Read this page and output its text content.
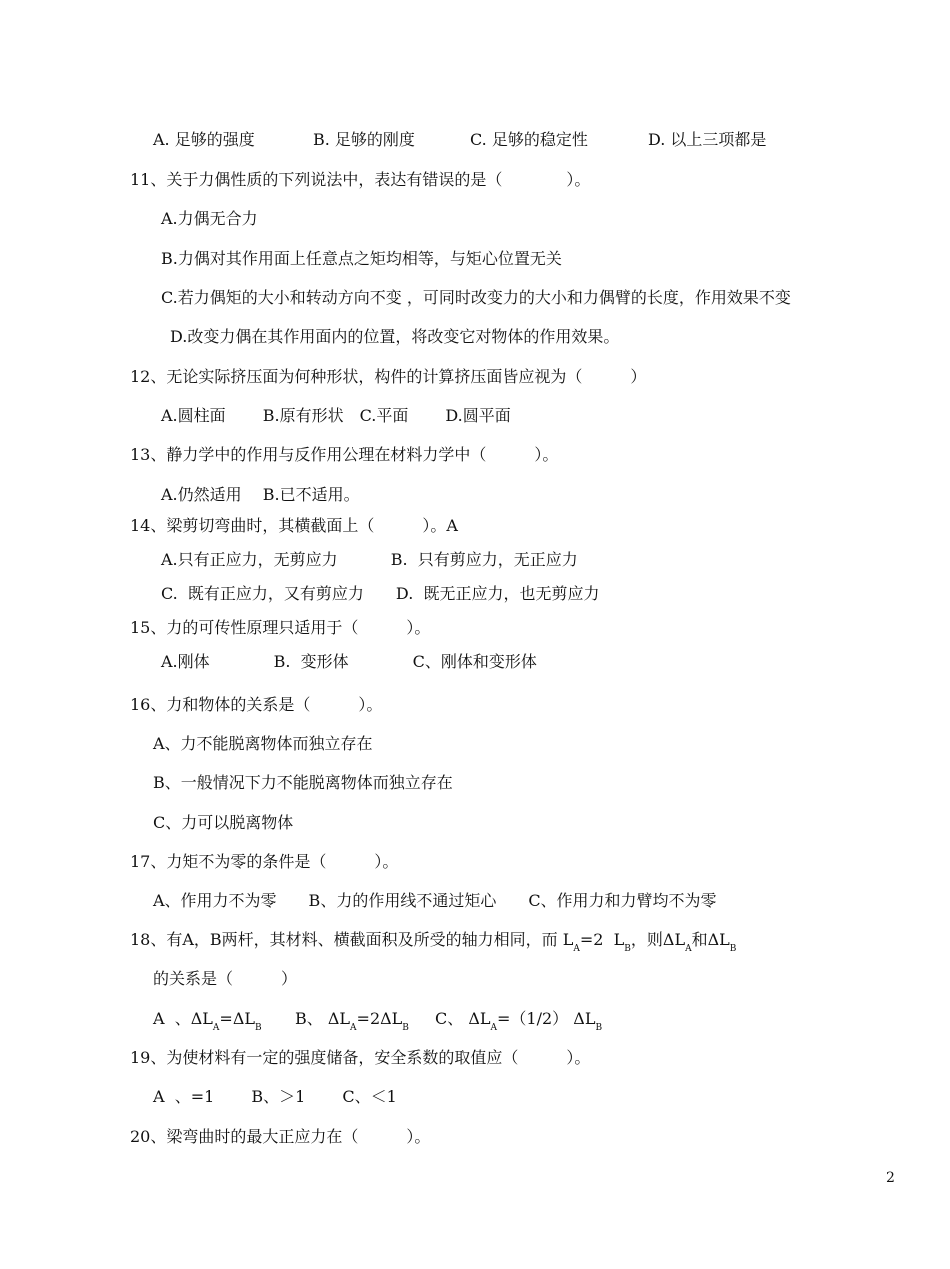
A. 足够的强度	B. 足够的刚度	C. 足够的稳定性	D. 以上三项都是
11、关于力偶性质的下列说法中，表达有错误的是（　　　　）。
A.力偶无合力
B.力偶对其作用面上任意点之矩均相等，与矩心位置无关
C.若力偶矩的大小和转动方向不变 ，可同时改变力的大小和力偶臂的长度，作用效果不变
D.改变力偶在其作用面内的位置，将改变它对物体的作用效果。
12、无论实际挤压面为何种形状，构件的计算挤压面皆应视为（　　　）
A.圆柱面　　 B.原有形状　C.平面　　 D.圆平面
13、静力学中的作用与反作用公理在材料力学中（　　　）。
A.仍然适用　 B.已不适用。
14、梁剪切弯曲时，其横截面上（　　　）。A
A.只有正应力，无剪应力　　　 B.  只有剪应力，无正应力
C.  既有正应力，又有剪应力　　D.  既无正应力，也无剪应力
15、力的可传性原理只适用于（　　　）。
A.刚体　　　　B.  变形体　　　　C、刚体和变形体
16、力和物体的关系是（　　　）。
A、力不能脱离物体而独立存在
B、一般情况下力不能脱离物体而独立存在
C、力可以脱离物体
17、力矩不为零的条件是（　　　）。
A、作用力不为零　　B、力的作用线不通过矩心　　C、作用力和力臂均不为零
18、有A，B两杆，其材料、横截面积及所受的轴力相同，而 $L_A=2$  $L_B$，则$\Delta L_A$和$\Delta L_B$
的关系是（　　　）
A  、$\Delta L_A=\Delta L_B$ B、 $\Delta L_A=2\Delta L_B$ C、 $\Delta L_A=(1/2)$ $\Delta L_B$
19、为使材料有一定的强度储备，安全系数的取值应（　　　）。
A  、=1　　 B、＞1　　 C、＜1
20、梁弯曲时的最大正应力在（　　　）。
2
